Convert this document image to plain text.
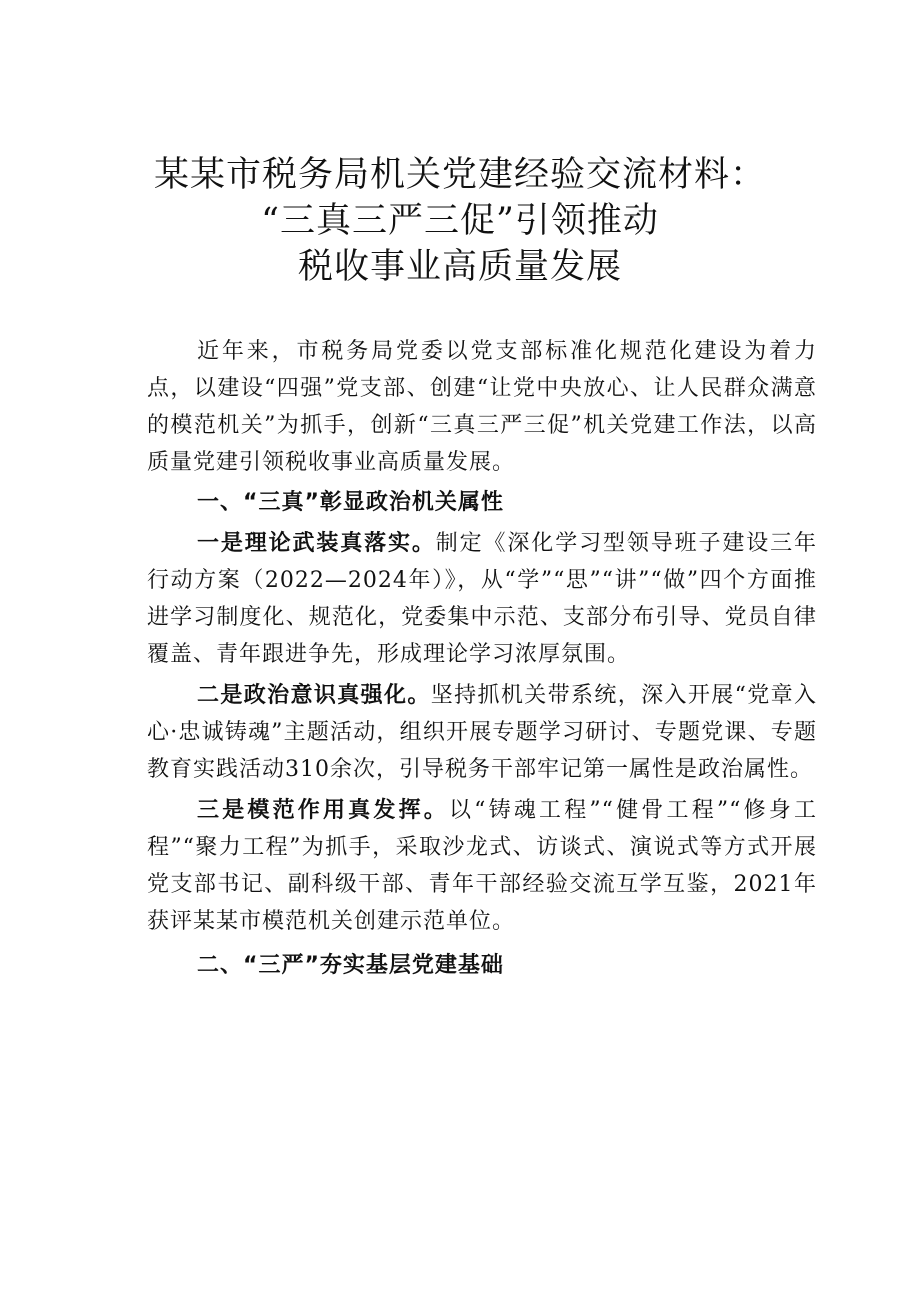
某某市税务局机关党建经验交流材料：
“三真三严三促”引领推动
税收事业高质量发展

近年来，市税务局党委以党支部标准化规范化建设为着力点，以建设“四强”党支部、创建“让党中央放心、让人民群众满意的模范机关”为抓手，创新“三真三严三促”机关党建工作法，以高质量党建引领税收事业高质量发展。

一、“三真”彰显政治机关属性

一是理论武装真落实。制定《深化学习型领导班子建设三年行动方案（2022—2024年）》，从“学”“思”“讲”“做”四个方面推进学习制度化、规范化，党委集中示范、支部分布引导、党员自律覆盖、青年跟进争先，形成理论学习浓厚氛围。

二是政治意识真强化。坚持抓机关带系统，深入开展“党章入心·忠诚铸魂”主题活动，组织开展专题学习研讨、专题党课、专题教育实践活动310余次，引导税务干部牢记第一属性是政治属性。

三是模范作用真发挥。以“铸魂工程”“健骨工程”“修身工程”“聚力工程”为抓手，采取沙龙式、访谈式、演说式等方式开展党支部书记、副科级干部、青年干部经验交流互学互鉴，2021年获评某某市模范机关创建示范单位。

二、“三严”夯实基层党建基础
